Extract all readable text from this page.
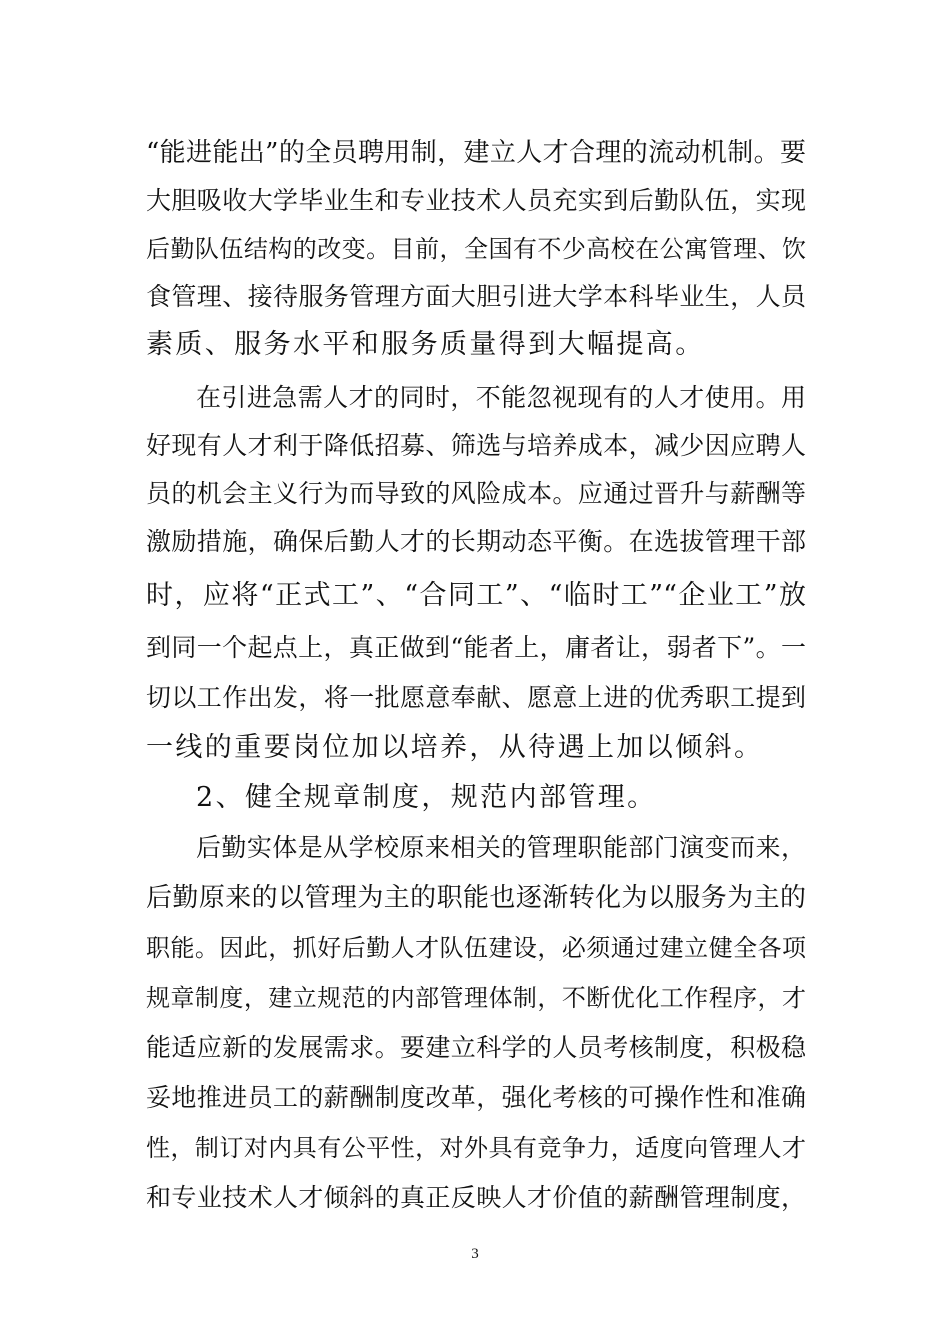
“能进能出”的全员聘用制，建立人才合理的流动机制。要
大胆吸收大学毕业生和专业技术人员充实到后勤队伍，实现
后勤队伍结构的改变。目前，全国有不少高校在公寓管理、饮
食管理、接待服务管理方面大胆引进大学本科毕业生，人员
素质、服务水平和服务质量得到大幅提高。
在引进急需人才的同时，不能忽视现有的人才使用。用
好现有人才利于降低招募、筛选与培养成本，减少因应聘人
员的机会主义行为而导致的风险成本。应通过晋升与薪酬等
激励措施，确保后勤人才的长期动态平衡。在选拔管理干部
时，应将“正式工”、“合同工”、“临时工”“企业工”放
到同一个起点上，真正做到“能者上，庸者让，弱者下”。一
切以工作出发，将一批愿意奉献、愿意上进的优秀职工提到
一线的重要岗位加以培养，从待遇上加以倾斜。
2、健全规章制度，规范内部管理。
后勤实体是从学校原来相关的管理职能部门演变而来，
后勤原来的以管理为主的职能也逐渐转化为以服务为主的
职能。因此，抓好后勤人才队伍建设，必须通过建立健全各项
规章制度，建立规范的内部管理体制，不断优化工作程序，才
能适应新的发展需求。要建立科学的人员考核制度，积极稳
妥地推进员工的薪酬制度改革，强化考核的可操作性和准确
性，制订对内具有公平性，对外具有竞争力，适度向管理人才
和专业技术人才倾斜的真正反映人才价值的薪酬管理制度，
3
